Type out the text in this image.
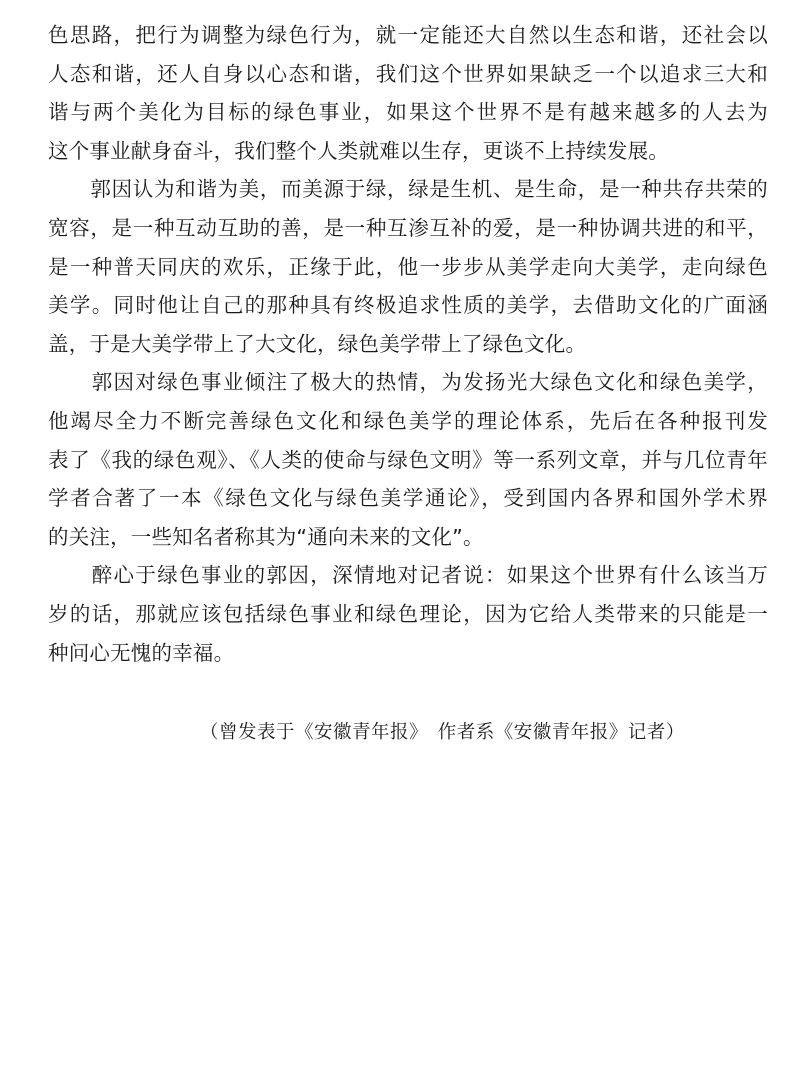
色思路，把行为调整为绿色行为，就一定能还大自然以生态和谐，还社会以
人态和谐，还人自身以心态和谐，我们这个世界如果缺乏一个以追求三大和
谐与两个美化为目标的绿色事业，如果这个世界不是有越来越多的人去为
这个事业献身奋斗，我们整个人类就难以生存，更谈不上持续发展。
　　郭因认为和谐为美，而美源于绿，绿是生机、是生命，是一种共存共荣的
宽容，是一种互动互助的善，是一种互渗互补的爱，是一种协调共进的和平，
是一种普天同庆的欢乐，正缘于此，他一步步从美学走向大美学，走向绿色
美学。同时他让自己的那种具有终极追求性质的美学，去借助文化的广面涵
盖，于是大美学带上了大文化，绿色美学带上了绿色文化。
　　郭因对绿色事业倾注了极大的热情，为发扬光大绿色文化和绿色美学，
他竭尽全力不断完善绿色文化和绿色美学的理论体系，先后在各种报刊发
表了《我的绿色观》、《人类的使命与绿色文明》等一系列文章，并与几位青年
学者合著了一本《绿色文化与绿色美学通论》，受到国内各界和国外学术界
的关注，一些知名者称其为“通向未来的文化”。
　　醉心于绿色事业的郭因，深情地对记者说：如果这个世界有什么该当万
岁的话，那就应该包括绿色事业和绿色理论，因为它给人类带来的只能是一
种问心无愧的幸福。
（曾发表于《安徽青年报》　作者系《安徽青年报》记者）
